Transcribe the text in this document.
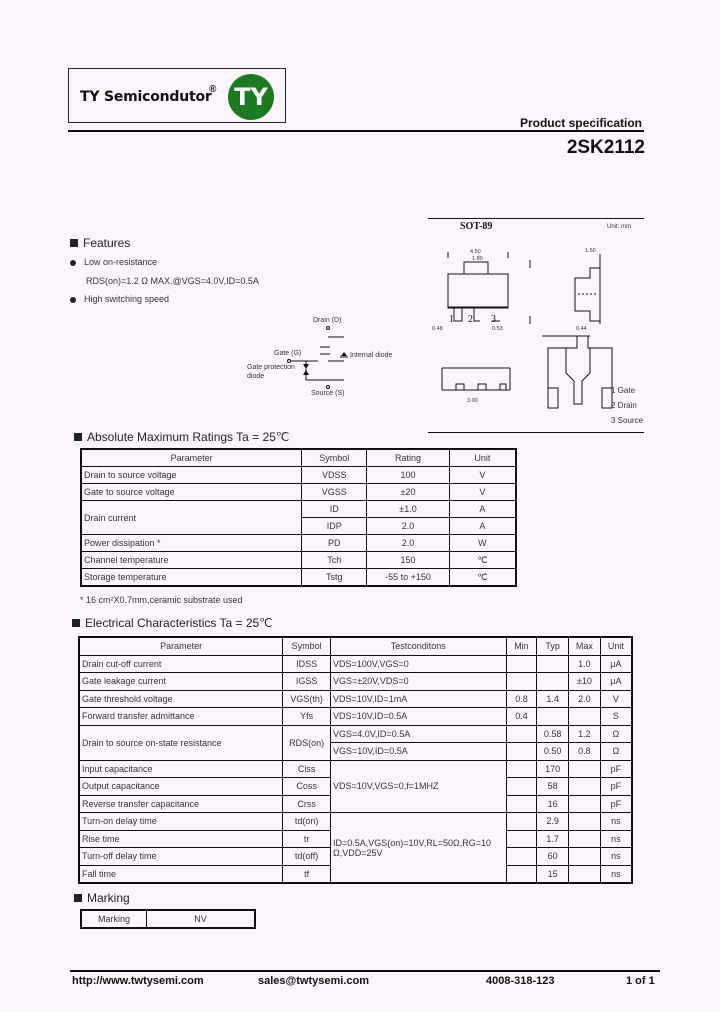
TY Semicondutor
® TY
Product specification
2SK2112
Features
Low on-resistance
RDS(on)=1.2 Ω MAX.@VGS=4.0V,ID=0.5A
High switching speed
Drain (D)
Gate (G)	Internal diode
Gate protection
diode
Source (S)
SOT-89	Unit: mm
1 2 3
4.50
1.80
0.48	0.53
1.50
0.44
3.00
1 Gate
2 Drain
3 Source
Absolute Maximum Ratings Ta = 25℃
Parameter	Symbol	Rating	Unit
Drain to source voltage	VDSS	100	V
Gate to source voltage	VGSS	±20	V
Drain current	ID	±1.0	A
	IDP	2.0	A
Power dissipation *	PD	2.0	W
Channel temperature	Tch	150	℃
Storage temperature	Tstg	-55 to +150	℃
* 16 cm²X0.7mm,ceramic substrate used
Electrical Characteristics Ta = 25℃
Parameter	Symbol	Testconditons	Min	Typ	Max	Unit
Drain cut-off current	IDSS	VDS=100V,VGS=0			1.0	μA
Gate leakage current	IGSS	VGS=±20V,VDS=0			±10	μA
Gate threshold voltage	VGS(th)	VDS=10V,ID=1mA	0.8	1.4	2.0	V
Forward transfer admittance	Yfs	VDS=10V,ID=0.5A	0.4			S
Drain to source on-state resistance	RDS(on)	VGS=4.0V,ID=0.5A		0.58	1.2	Ω
		VGS=10V,ID=0.5A		0.50	0.8	Ω
Input capacitance	Ciss	VDS=10V,VGS=0,f=1MHZ		170		pF
Output capacitance	Coss			58		pF
Reverse transfer capacitance	Crss			16		pF
Turn-on delay time	td(on)	ID=0.5A,VGS(on)=10V,RL=50Ω,RG=10 Ω,VDD=25V		2.9		ns
Rise time	tr			1.7		ns
Turn-off delay time	td(off)			60		ns
Fall time	tf			15		ns
Marking
Marking	NV
http://www.twtysemi.com	sales@twtysemi.com	4008-318-123	1 of 1
